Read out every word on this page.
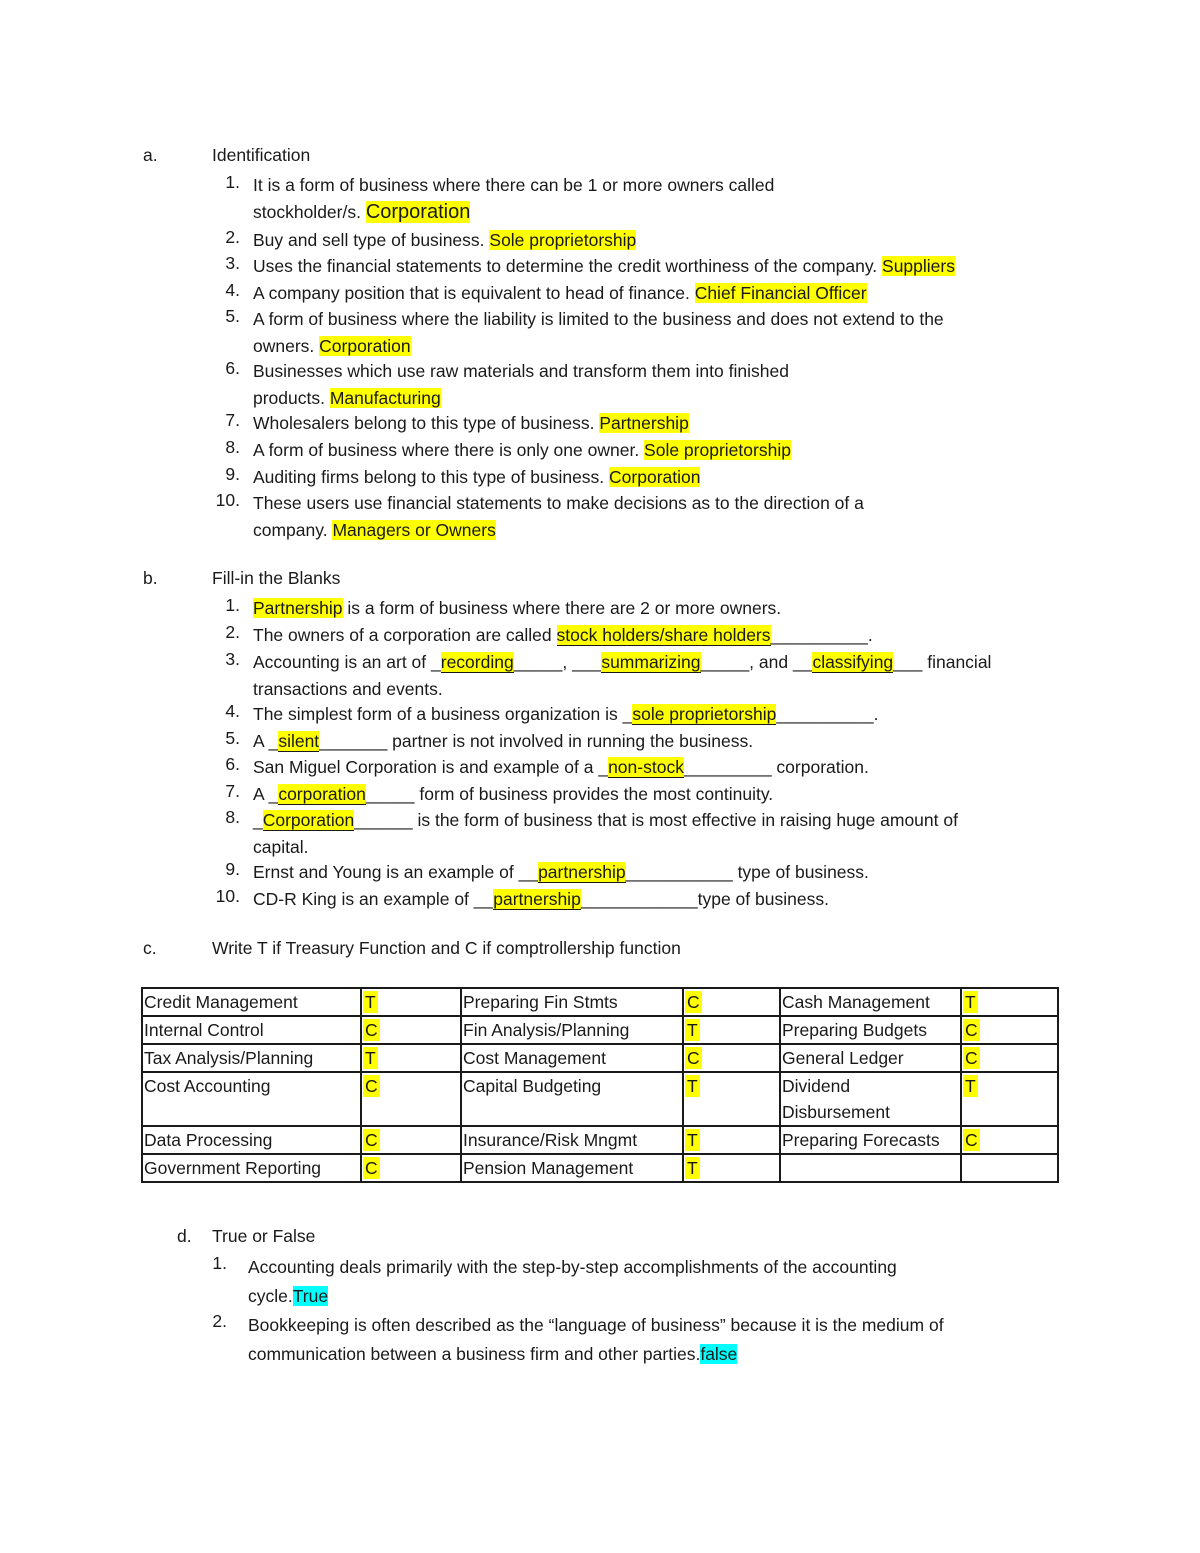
a.	Identification
1. It is a form of business where there can be 1 or more owners called
stockholder/s. Corporation
2. Buy and sell type of business. Sole proprietorship
3. Uses the financial statements to determine the credit worthiness of the company. Suppliers
4. A company position that is equivalent to head of finance. Chief Financial Officer
5. A form of business where the liability is limited to the business and does not extend to the
owners. Corporation
6. Businesses which use raw materials and transform them into finished
products. Manufacturing
7. Wholesalers belong to this type of business. Partnership
8. A form of business where there is only one owner. Sole proprietorship
9. Auditing firms belong to this type of business. Corporation
10. These users use financial statements to make decisions as to the direction of a
company. Managers or Owners
b.	Fill-in the Blanks
1. Partnership is a form of business where there are 2 or more owners.
2. The owners of a corporation are called stock holders/share holders__________.
3. Accounting is an art of _recording_____, ___summarizing_____, and __classifying___ financial
transactions and events.
4. The simplest form of a business organization is _sole proprietorship__________.
5. A _silent_______ partner is not involved in running the business.
6. San Miguel Corporation is and example of a _non-stock_________ corporation.
7. A _corporation_____ form of business provides the most continuity.
8. _Corporation______ is the form of business that is most effective in raising huge amount of
capital.
9. Ernst and Young is an example of __partnership___________ type of business.
10. CD-R King is an example of __partnership____________type of business.
c.	Write T if Treasury Function and C if comptrollership function
Credit Management	T	Preparing Fin Stmts	C	Cash Management	T
Internal Control	C	Fin Analysis/Planning	T	Preparing Budgets	C
Tax Analysis/Planning	T	Cost Management	C	General Ledger	C
Cost Accounting	C	Capital Budgeting	T	Dividend Disbursement	T
Data Processing	C	Insurance/Risk Mngmt	T	Preparing Forecasts	C
Government Reporting	C	Pension Management	T		
d. True or False
1. Accounting deals primarily with the step-by-step accomplishments of the accounting
cycle.True
2. Bookkeeping is often described as the “language of business” because it is the medium of
communication between a business firm and other parties.false
